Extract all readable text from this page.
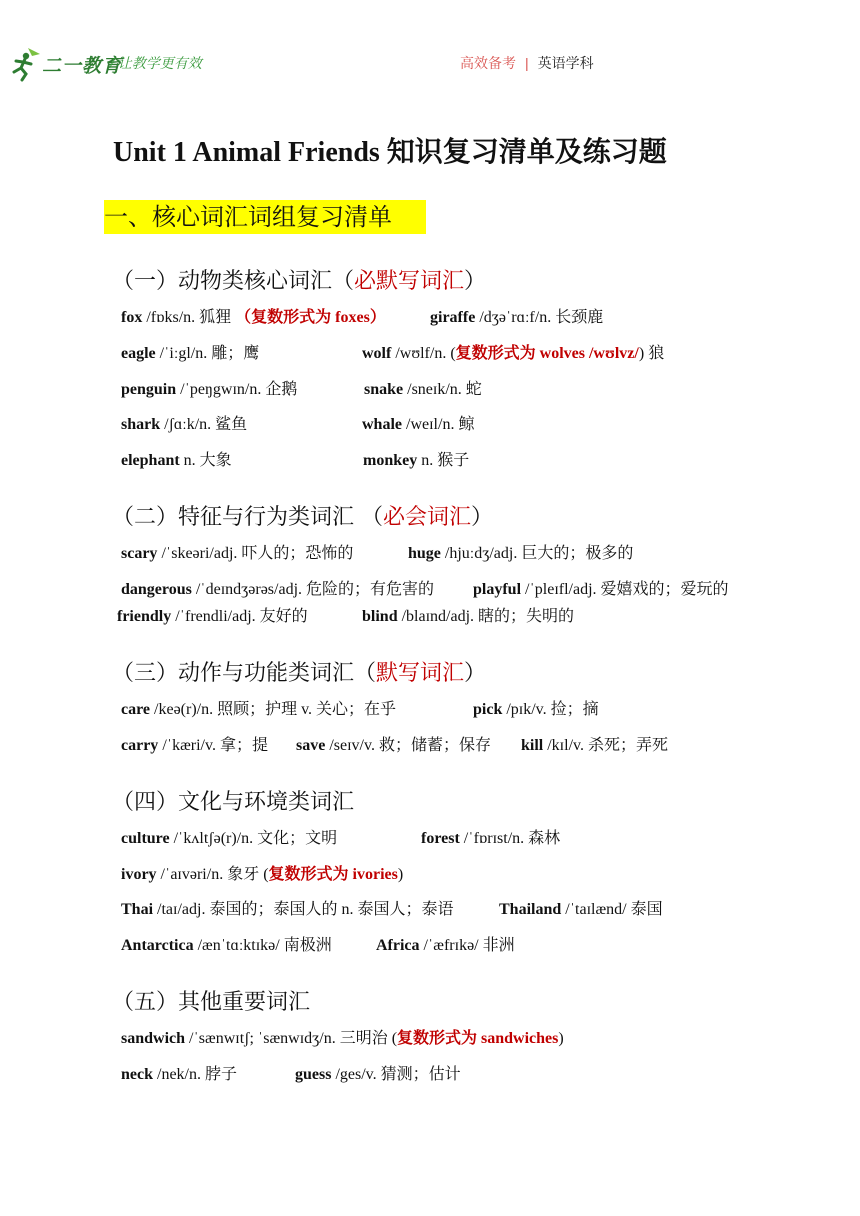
二一教育
/ 让教学更有效	高效备考 | 英语学科
Unit 1 Animal Friends 知识复习清单及练习题
一、核心词汇词组复习清单
（一）动物类核心词汇（必默写词汇）
fox /fɒks/n. 狐狸 （复数形式为 foxes）	giraffe /dʒəˈrɑːf/n. 长颈鹿
eagle /ˈiːgl/n. 雕；鹰	wolf /wʊlf/n. (复数形式为 wolves /wʊlvz/) 狼
penguin /ˈpeŋgwɪn/n. 企鹅	snake /sneɪk/n. 蛇
shark /ʃɑːk/n. 鲨鱼	whale /weɪl/n. 鲸
elephant n. 大象	monkey n. 猴子
（二）特征与行为类词汇 （必会词汇）
scary /ˈskeəri/adj. 吓人的；恐怖的	huge /hjuːdʒ/adj. 巨大的；极多的
dangerous /ˈdeɪndʒərəs/adj. 危险的；有危害的 playful /ˈpleɪfl/adj. 爱嬉戏的；爱玩的
friendly /ˈfrendli/adj. 友好的	blind /blaɪnd/adj. 瞎的；失明的
（三）动作与功能类词汇（默写词汇）
care /keə(r)/n. 照顾；护理 v. 关心；在乎	pick /pɪk/v. 捡；摘
carry /ˈkæri/v. 拿；提 save /seɪv/v. 救；储蓄；保存 kill /kɪl/v. 杀死；弄死
（四）文化与环境类词汇
culture /ˈkʌltʃə(r)/n. 文化；文明	forest /ˈfɒrɪst/n. 森林
ivory /ˈaɪvəri/n. 象牙 (复数形式为 ivories)
Thai /taɪ/adj. 泰国的；泰国人的 n. 泰国人；泰语	Thailand /ˈtaɪlænd/ 泰国
Antarctica /ænˈtɑːktɪkə/ 南极洲	Africa /ˈæfrɪkə/ 非洲
（五）其他重要词汇
sandwich /ˈsænwɪtʃ; ˈsænwɪdʒ/n. 三明治 (复数形式为 sandwiches)
neck /nek/n. 脖子	guess /ges/v. 猜测；估计
